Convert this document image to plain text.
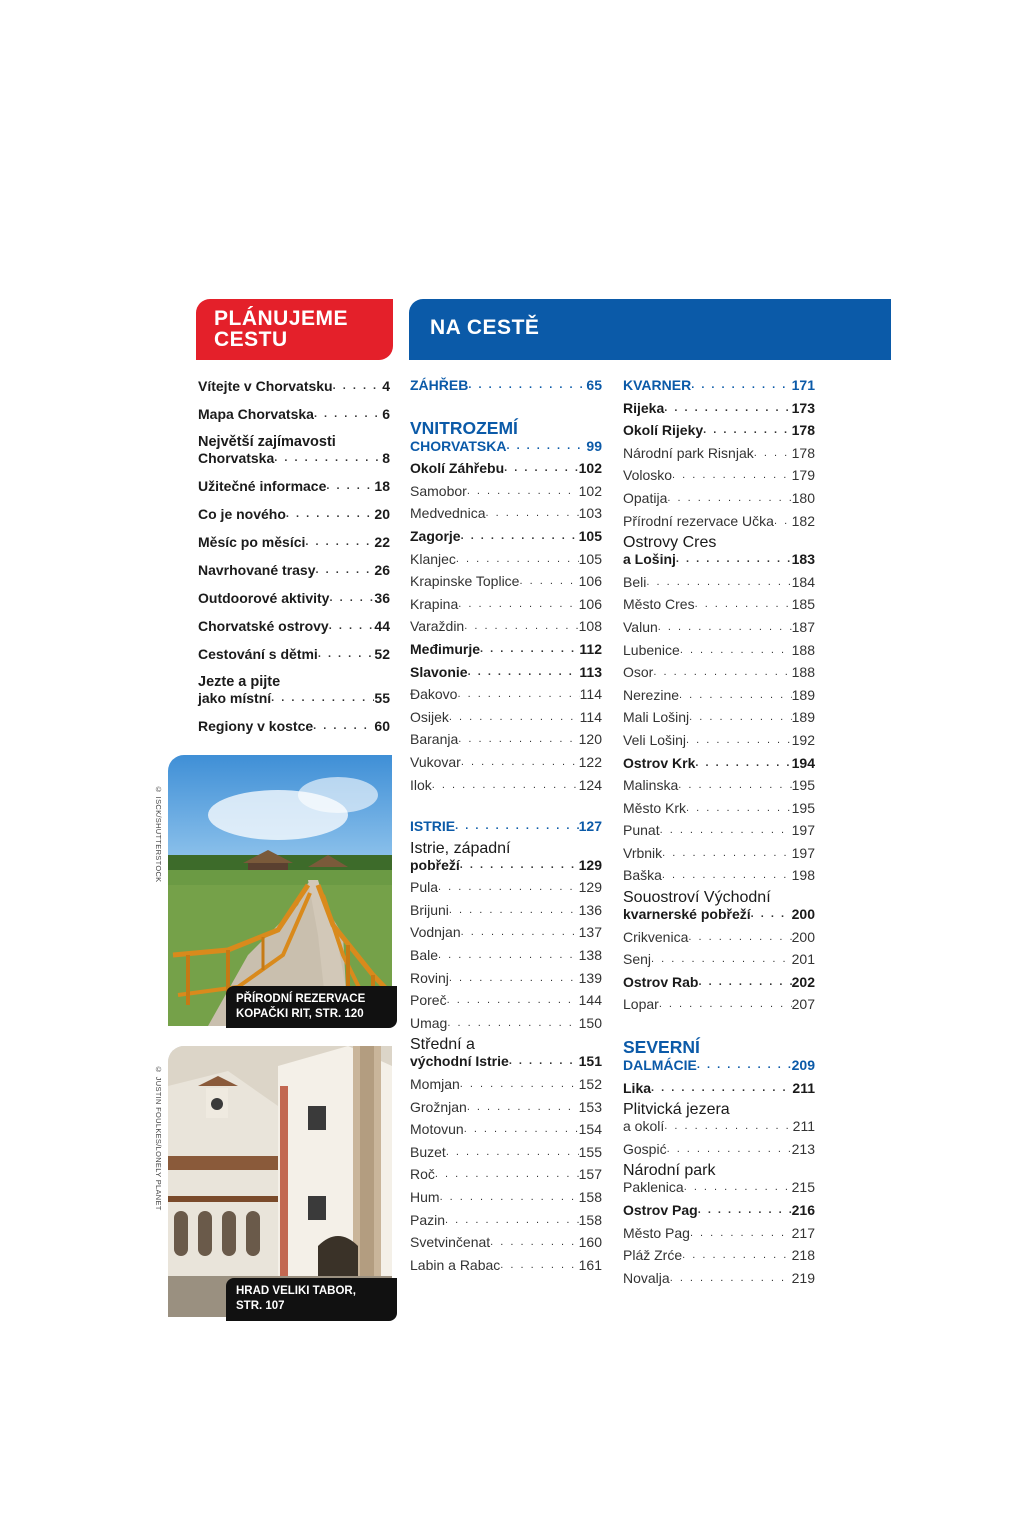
PLÁNUJEME
CESTU
NA CESTĚ
Vítejte v Chorvatsku . . .	4
Mapa Chorvatska . . .	6
Největší zajímavosti
Chorvatska . . .	8
Užitečné informace . . .	18
Co je nového . . .	20
Měsíc po měsíci . . .	22
Navrhované trasy . . .	26
Outdoorové aktivity . . .	36
Chorvatské ostrovy . . .	44
Cestování s dětmi . . .	52
Jezte a pijte
jako místní . . .	55
Regiony v kostce . . .	60
ZÁHŘEB . . .	65
VNITROZEMÍ
CHORVATSKA . . .	99
Okolí Záhřebu . . .	102
Samobor . . .	102
Medvednica . . .	103
Zagorje . . .	105
Klanjec . . .	105
Krapinske Toplice . . .	106
Krapina . . .	106
Varaždin . . .	108
Međimurje . . .	112
Slavonie . . .	113
Đakovo . . .	114
Osijek . . .	114
Baranja . . .	120
Vukovar . . .	122
Ilok . . .	124
ISTRIE . . .	127
Istrie, západní
pobřeží . . .	129
Pula . . .	129
Brijuni . . .	136
Vodnjan . . .	137
Bale . . .	138
Rovinj . . .	139
Poreč . . .	144
Umag . . .	150
Střední a
východní Istrie . . .	151
Momjan . . .	152
Grožnjan . . .	153
Motovun . . .	154
Buzet . . .	155
Roč . . .	157
Hum . . .	158
Pazin . . .	158
Svetvinčenat . . .	160
Labin a Rabac . . .	161
KVARNER . . .	171
Rijeka . . .	173
Okolí Rijeky . . .	178
Národní park Risnjak . . .	178
Volosko . . .	179
Opatija . . .	180
Přírodní rezervace Učka . . . 182
Ostrovy Cres
a Lošinj . . .	183
Beli . . .	184
Město Cres . . .	185
Valun . . .	187
Lubenice . . .	188
Osor . . .	188
Nerezine . . .	189
Mali Lošinj . . .	189
Veli Lošinj . . .	192
Ostrov Krk . . .	194
Malinska . . .	195
Město Krk . . .	195
Punat . . .	197
Vrbnik . . .	197
Baška . . .	198
Souostroví Východní
kvarnerské pobřeží . . .	200
Crikvenica . . .	200
Senj . . .	201
Ostrov Rab . . .	202
Lopar . . .	207
SEVERNÍ
DALMÁCIE . . .	209
Lika . . .	211
Plitvická jezera
a okolí . . .	211
Gospić . . .	213
Národní park
Paklenica . . .	215
Ostrov Pag . . .	216
Město Pag . . .	217
Pláž Zrće . . .	218
Novalja . . .	219
PŘÍRODNÍ REZERVACE
KOPAČKI RIT, STR. 120
© ISCK/SHUTTERSTOCK
HRAD VELIKI TABOR,
STR. 107
© JUSTIN FOULKES/LONELY PLANET
